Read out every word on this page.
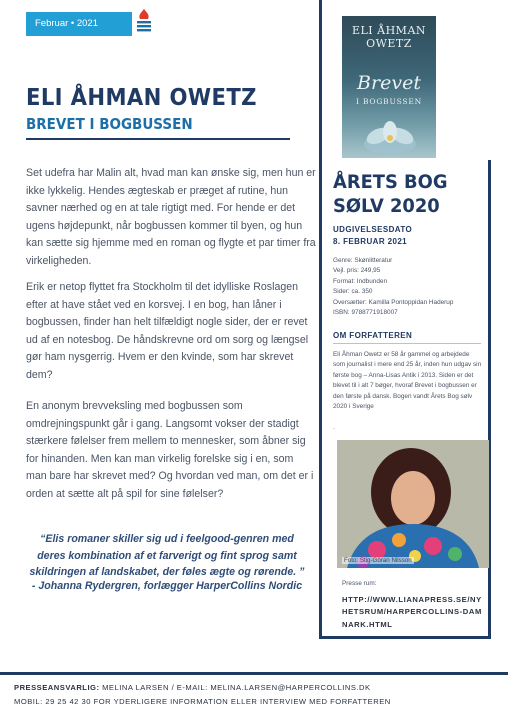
Februar • 2021
ELI ÅHMAN OWETZ
BREVET I BOGBUSSEN

Set udefra har Malin alt, hvad man kan ønske sig, men hun er ikke lykkelig. Hendes ægteskab er præget af rutine, hun savner nærhed og en at tale rigtigt med. For hende er det ugens højdepunkt, når bogbussen kommer til byen, og hun kan sætte sig hjemme med en roman og flygte et par timer fra virkeligheden.

Erik er netop flyttet fra Stockholm til det idylliske Roslagen efter at have stået ved en korsvej. I en bog, han låner i bogbussen, finder han helt tilfældigt nogle sider, der er revet ud af en notesbog. De håndskrevne ord om sorg og længsel gør ham nysgerrig. Hvem er den kvinde, som har skrevet dem?

En anonym brevveksling med bogbussen som omdrejningspunkt går i gang. Langsomt vokser der stadigt stærkere følelser frem mellem to mennesker, som åbner sig for hinanden. Men kan man virkelig forelske sig i en, som man bare har skrevet med? Og hvordan ved man, om det er i orden at sætte alt på spil for sine følelser?

“Elis romaner skiller sig ud i feelgood-genren med deres kombination af et farverigt og fint sprog samt skildringen af landskabet, der føles ægte og rørende. ”
- Johanna Rydergren, forlægger HarperCollins Nordic
ELI ÅHMAN
OWETZ
Brevet
I BOGBUSSEN
ÅRETS BOG
SØLV 2020
UDGIVELSESDATO
8. FEBRUAR 2021
Genre: Skønlitteratur
Vejl. pris: 249,95
Format: Indbunden
Sider: ca. 350
Oversætter: Kamilla Pontoppidan Haderup
ISBN: 9788771918007
OM FORFATTEREN

Eli Åhman Owetz er 58 år gammel og arbejdede som journalist i mere end 25 år, inden hun udgav sin første bog – Anna-Lisas Antik i 2013. Siden er det blevet til i alt 7 bøger, hvoraf Brevet i bogbussen er den første på dansk. Bogen vandt Årets Bog sølv 2020 i Sverige

.
Foto: Stig-Göran Nilsson
Presse rum:
HTTP://WWW.LIANAPRESS.SE/NYHETSRUM/HARPERCOLLINS-DAMNARK.HTML
PRESSEANSVARLIG: MELINA LARSEN / E-MAIL: MELINA.LARSEN@HARPERCOLLINS.DK
MOBIL: 29 25 42 30 FOR YDERLIGERE INFORMATION ELLER INTERVIEW MED FORFATTEREN
